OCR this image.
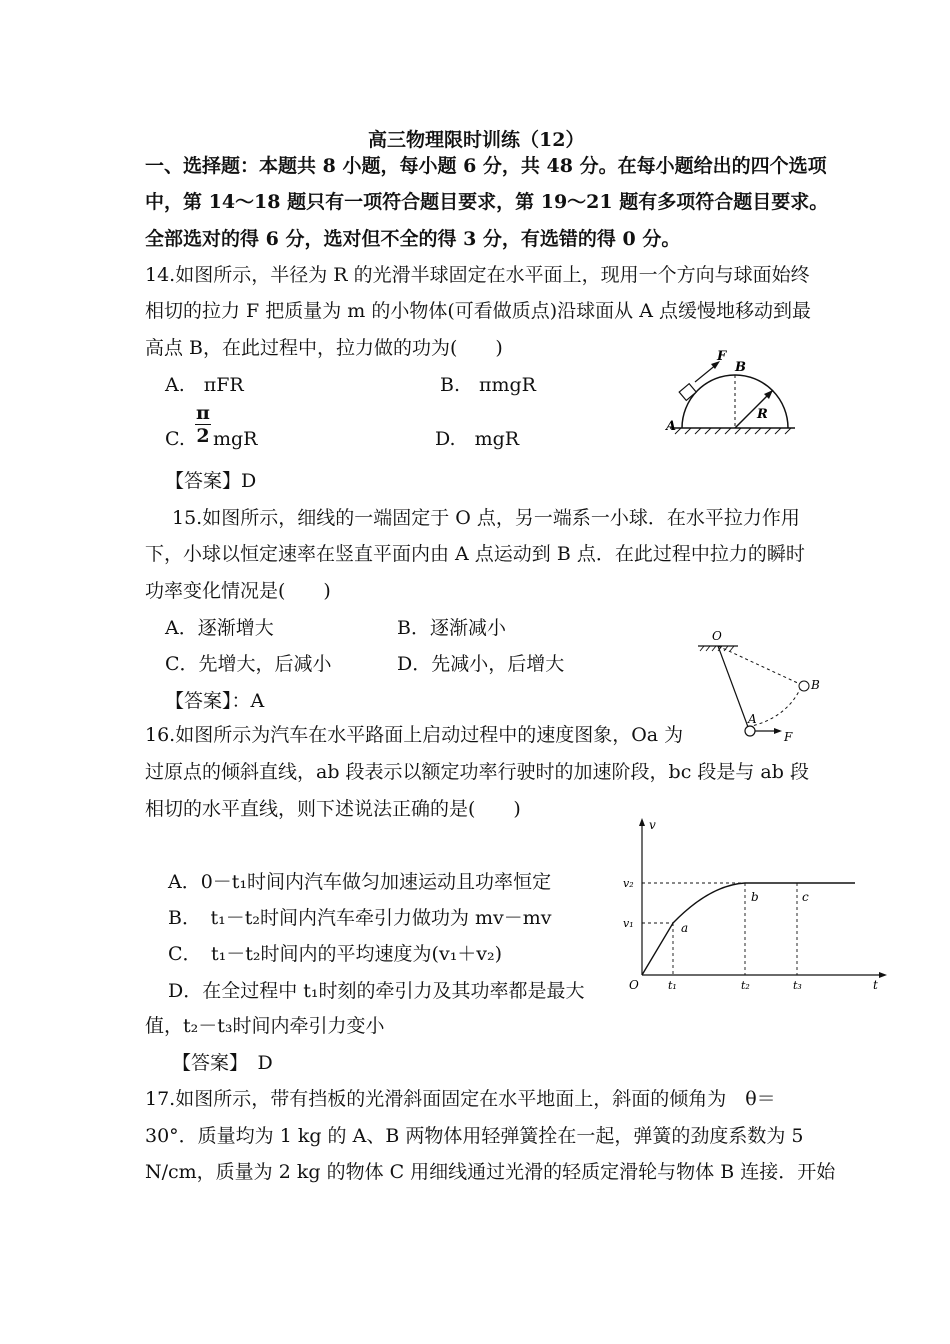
高三物理限时训练（12）
一、选择题：本题共 8 小题，每小题 6 分，共 48 分。在每小题给出的四个选项
中，第 14～18 题只有一项符合题目要求，第 19～21 题有多项符合题目要求。
全部选对的得 6 分，选对但不全的得 3 分，有选错的得 0 分。
14.如图所示，半径为 R 的光滑半球固定在水平面上，现用一个方向与球面始终
相切的拉力 F 把质量为 m 的小物体(可看做质点)沿球面从 A 点缓慢地移动到最
高点 B，在此过程中，拉力做的功为(　　)
A.　πFR	B.　πmgR
C. $\frac{\pi}{2}$ mgR	D.　mgR
【答案】D
F
B
A
R
15.如图所示，细线的一端固定于 O 点，另一端系一小球．在水平拉力作用
下，小球以恒定速率在竖直平面内由 A 点运动到 B 点．在此过程中拉力的瞬时
功率变化情况是(　　)
A．逐渐增大	B．逐渐减小
C．先增大，后减小	D．先减小，后增大
【答案】：A
O
B
A
F
16.如图所示为汽车在水平路面上启动过程中的速度图象，Oa 为
过原点的倾斜直线，ab 段表示以额定功率行驶时的加速阶段，bc 段是与 ab 段
相切的水平直线，则下述说法正确的是(　　)
A．0－t₁时间内汽车做匀加速运动且功率恒定
B．　t₁－t₂时间内汽车牵引力做功为 mv－mv
C．　t₁－t₂时间内的平均速度为(v₁＋v₂)
D．在全过程中 t₁时刻的牵引力及其功率都是最大
值，t₂－t₃时间内牵引力变小
【答案】　D
v
t
O
v₂
v₁
t₁	t₂	t₃
a
b	c
17.如图所示，带有挡板的光滑斜面固定在水平地面上，斜面的倾角为　θ＝
30°．质量均为 1 kg 的 A、B 两物体用轻弹簧拴在一起，弹簧的劲度系数为 5
N/cm，质量为 2 kg 的物体 C 用细线通过光滑的轻质定滑轮与物体 B 连接．开始
